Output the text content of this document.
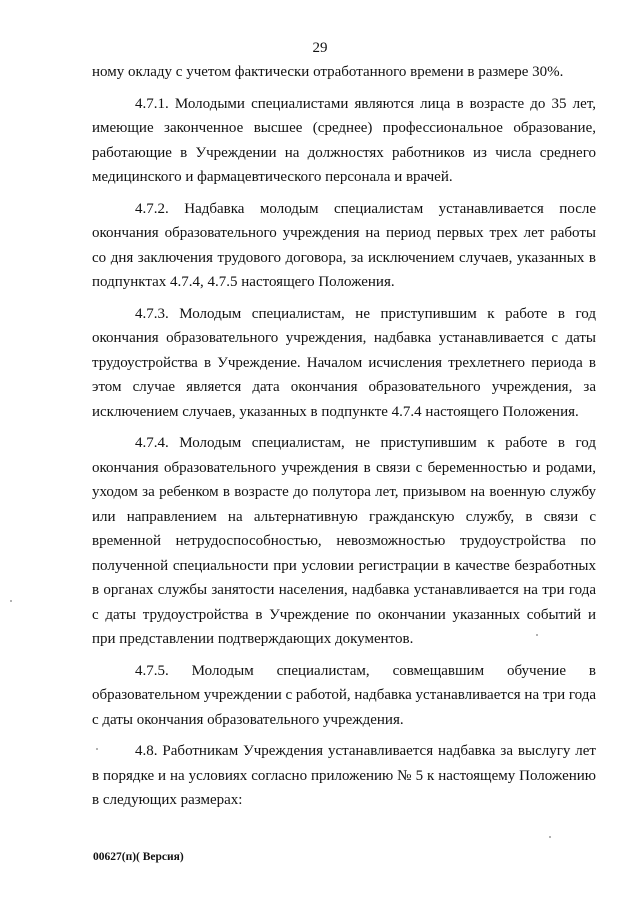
29

ному окладу с учетом фактически отработанного времени в размере 30%.

4.7.1. Молодыми специалистами являются лица в возрасте до 35 лет, имеющие законченное высшее (среднее) профессиональное образование, работающие в Учреждении на должностях работников из числа среднего медицинского и фармацевтического персонала и врачей.

4.7.2. Надбавка молодым специалистам устанавливается после окончания образовательного учреждения на период первых трех лет работы со дня заключения трудового договора, за исключением случаев, указанных в подпунктах 4.7.4, 4.7.5 настоящего Положения.

4.7.3. Молодым специалистам, не приступившим к работе в год окончания образовательного учреждения, надбавка устанавливается с даты трудоустройства в Учреждение. Началом исчисления трехлетнего периода в этом случае является дата окончания образовательного учреждения, за исключением случаев, указанных в подпункте 4.7.4 настоящего Положения.

4.7.4. Молодым специалистам, не приступившим к работе в год окончания образовательного учреждения в связи с беременностью и родами, уходом за ребенком в возрасте до полутора лет, призывом на военную службу или направлением на альтернативную гражданскую службу, в связи с временной нетрудоспособностью, невозможностью трудоустройства по полученной специальности при условии регистрации в качестве безработных в органах службы занятости населения, надбавка устанавливается на три года с даты трудоустройства в Учреждение по окончании указанных событий и при представлении подтверждающих документов.

4.7.5. Молодым специалистам, совмещавшим обучение в образовательном учреждении с работой, надбавка устанавливается на три года с даты окончания образовательного учреждения.

4.8. Работникам Учреждения устанавливается надбавка за выслугу лет в порядке и на условиях согласно приложению № 5 к настоящему Положению в следующих размерах:

00627(п)( Версия)
